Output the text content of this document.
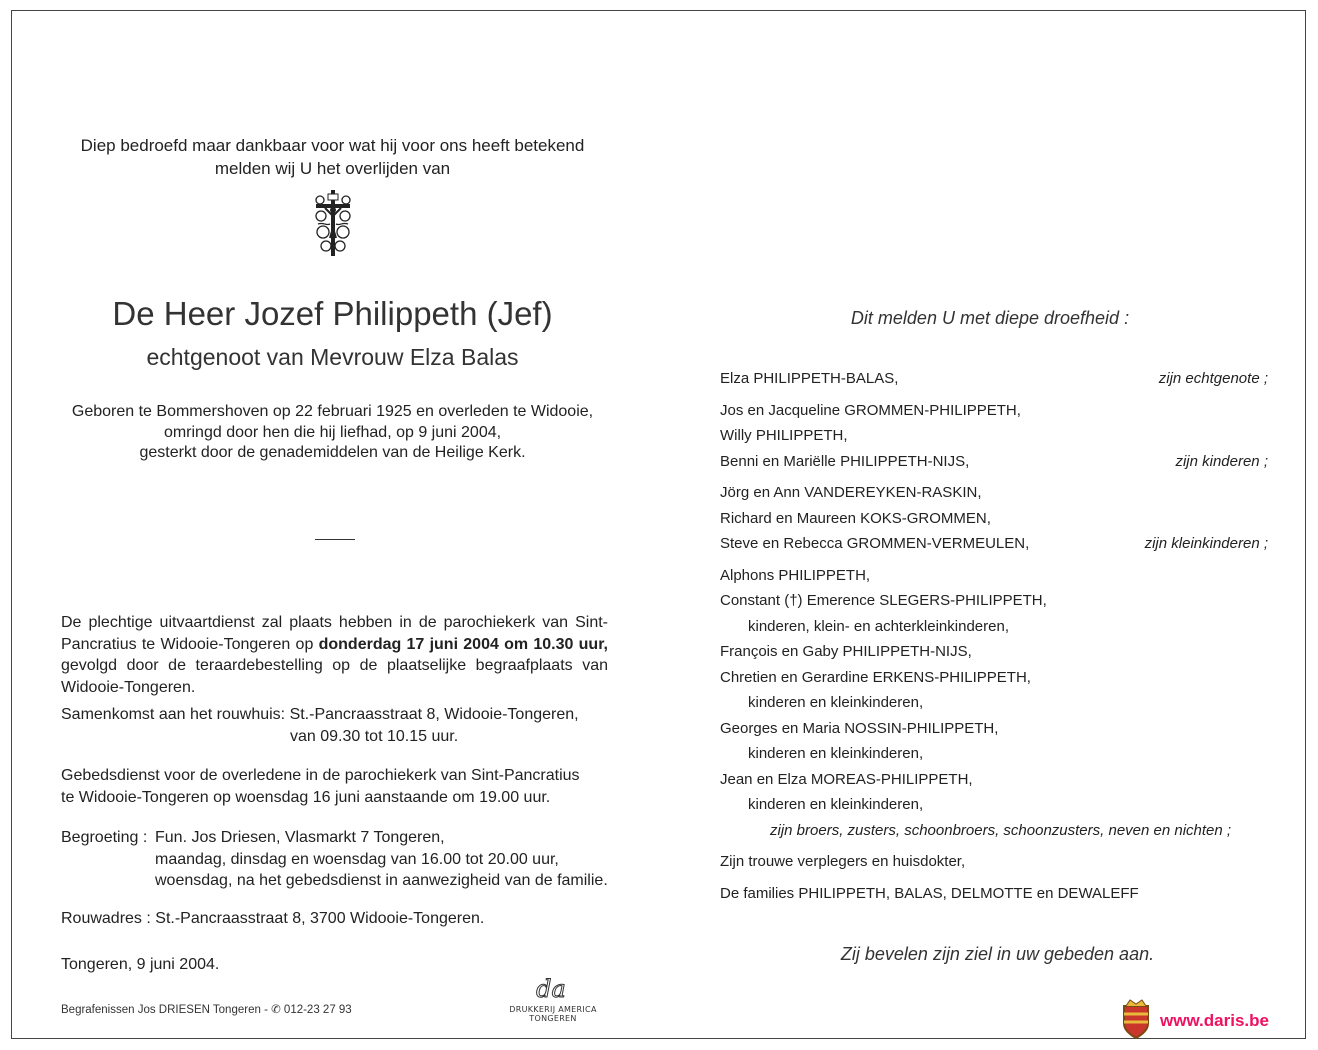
Diep bedroefd maar dankbaar voor wat hij voor ons heeft betekend
melden wij U het overlijden van
De Heer Jozef Philippeth (Jef)
echtgenoot van Mevrouw Elza Balas
Geboren te Bommershoven op 22 februari 1925 en overleden te Widooie,
omringd door hen die hij liefhad, op 9 juni 2004,
gesterkt door de genademiddelen van de Heilige Kerk.
De plechtige uitvaartdienst zal plaats hebben in de parochiekerk van Sint-Pancratius te Widooie-Tongeren op donderdag 17 juni 2004 om 10.30 uur, gevolgd door de teraardebestelling op de plaatselijke begraafplaats van Widooie-Tongeren.
Samenkomst aan het rouwhuis: St.-Pancraasstraat 8, Widooie-Tongeren,
van 09.30 tot 10.15 uur.
Gebedsdienst voor de overledene in de parochiekerk van Sint-Pancratius
te Widooie-Tongeren op woensdag 16 juni aanstaande om 19.00 uur.
Begroeting : Fun. Jos Driesen, Vlasmarkt 7 Tongeren,
maandag, dinsdag en woensdag van 16.00 tot 20.00 uur,
woensdag, na het gebedsdienst in aanwezigheid van de familie.
Rouwadres : St.-Pancraasstraat 8, 3700 Widooie-Tongeren.
Tongeren, 9 juni 2004.
Begrafenissen Jos DRIESEN Tongeren - ✆ 012-23 27 93
da
DRUKKERIJ AMERICA TONGEREN
Dit melden U met diepe droefheid :
Elza PHILIPPETH-BALAS,	zijn echtgenote ;
Jos en Jacqueline GROMMEN-PHILIPPETH,
Willy PHILIPPETH,
Benni en Mariëlle PHILIPPETH-NIJS,	zijn kinderen ;
Jörg en Ann VANDEREYKEN-RASKIN,
Richard en Maureen KOKS-GROMMEN,
Steve en Rebecca GROMMEN-VERMEULEN,	zijn kleinkinderen ;
Alphons PHILIPPETH,
Constant (†) Emerence SLEGERS-PHILIPPETH,
kinderen, klein- en achterkleinkinderen,
François en Gaby PHILIPPETH-NIJS,
Chretien en Gerardine ERKENS-PHILIPPETH,
kinderen en kleinkinderen,
Georges en Maria NOSSIN-PHILIPPETH,
kinderen en kleinkinderen,
Jean en Elza MOREAS-PHILIPPETH,
kinderen en kleinkinderen,
zijn broers, zusters, schoonbroers, schoonzusters, neven en nichten ;
Zijn trouwe verplegers en huisdokter,
De families PHILIPPETH, BALAS, DELMOTTE en DEWALEFF
Zij bevelen zijn ziel in uw gebeden aan.
www.daris.be
